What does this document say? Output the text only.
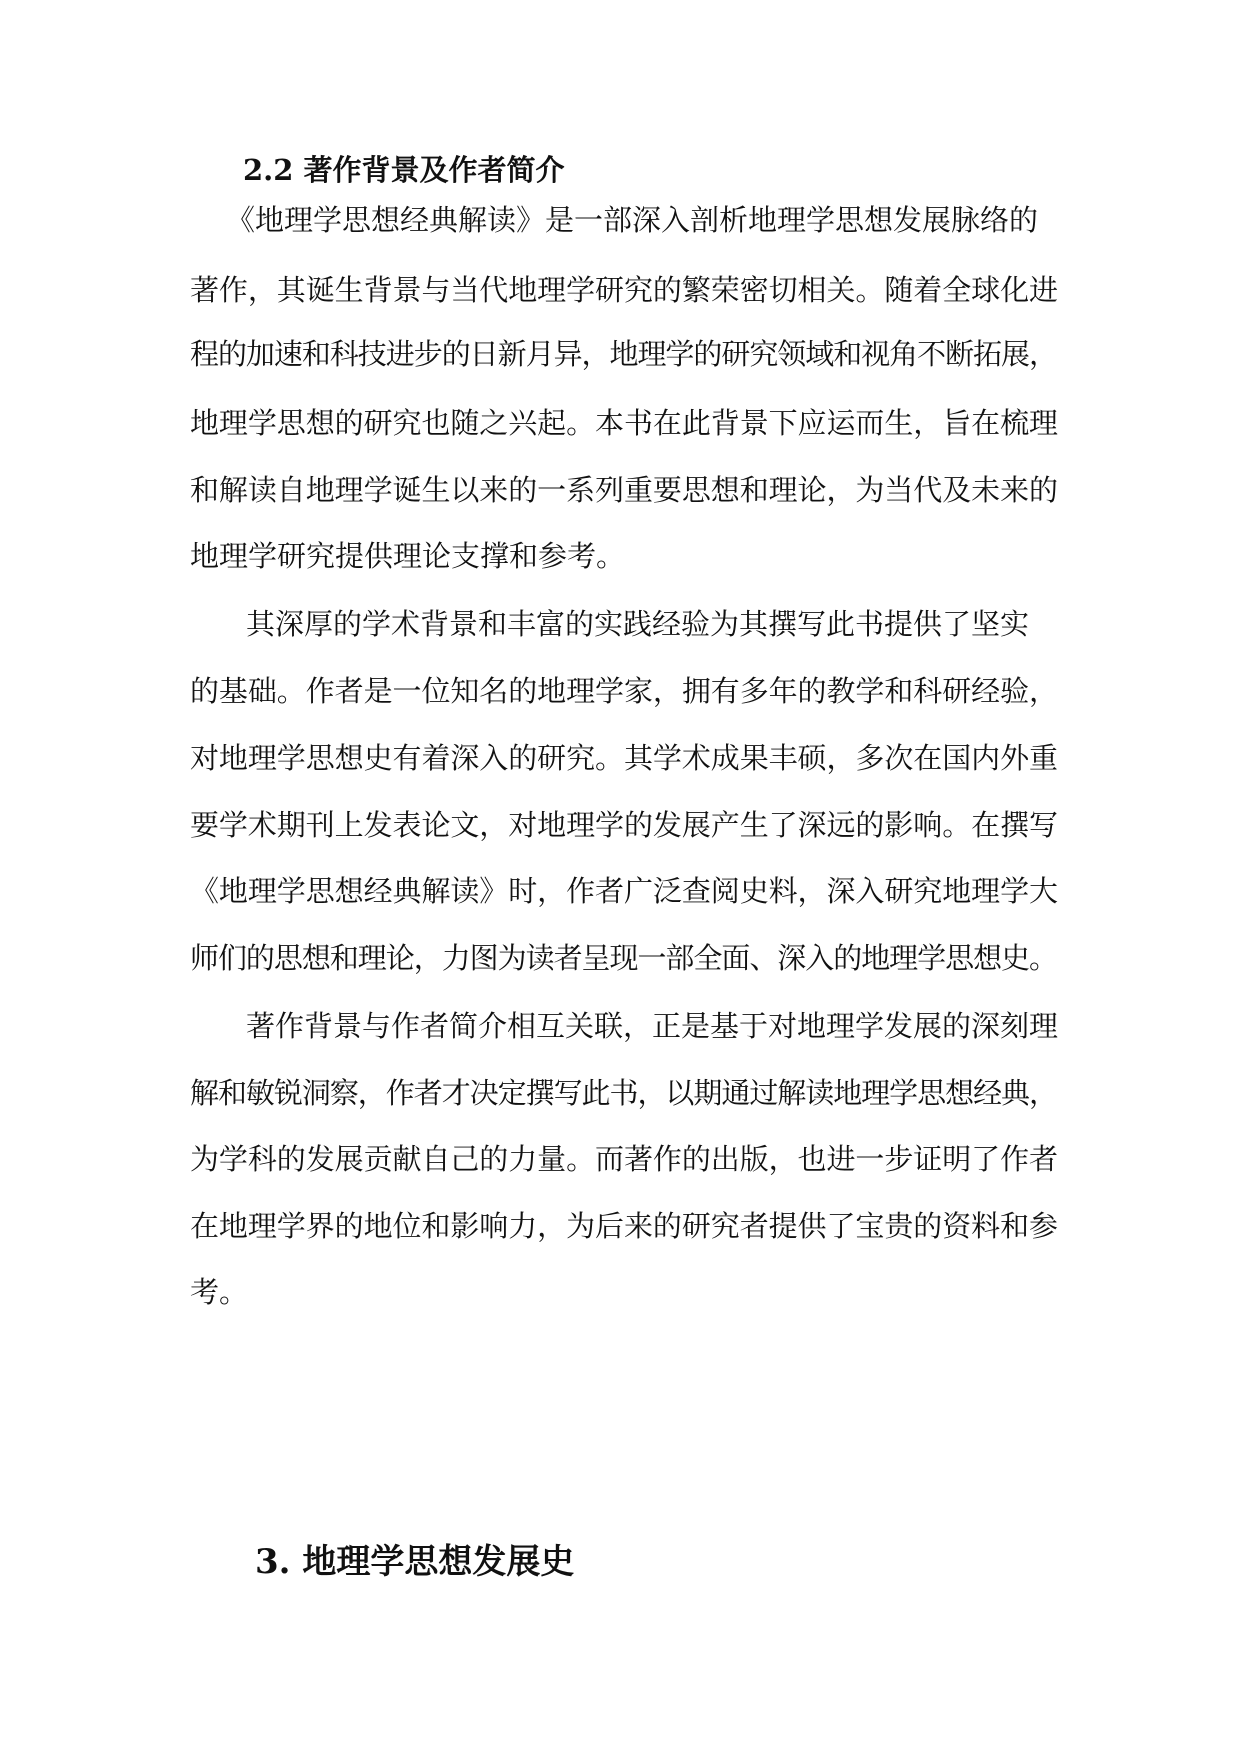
2.2 著作背景及作者简介
《地理学思想经典解读》是一部深入剖析地理学思想发展脉络的
著作，其诞生背景与当代地理学研究的繁荣密切相关。随着全球化进
程的加速和科技进步的日新月异，地理学的研究领域和视角不断拓展，
地理学思想的研究也随之兴起。本书在此背景下应运而生，旨在梳理
和解读自地理学诞生以来的一系列重要思想和理论，为当代及未来的
地理学研究提供理论支撑和参考。
其深厚的学术背景和丰富的实践经验为其撰写此书提供了坚实
的基础。作者是一位知名的地理学家，拥有多年的教学和科研经验，
对地理学思想史有着深入的研究。其学术成果丰硕，多次在国内外重
要学术期刊上发表论文，对地理学的发展产生了深远的影响。在撰写
《地理学思想经典解读》时，作者广泛查阅史料，深入研究地理学大
师们的思想和理论，力图为读者呈现一部全面、深入的地理学思想史。
著作背景与作者简介相互关联，正是基于对地理学发展的深刻理
解和敏锐洞察，作者才决定撰写此书，以期通过解读地理学思想经典，
为学科的发展贡献自己的力量。而著作的出版，也进一步证明了作者
在地理学界的地位和影响力，为后来的研究者提供了宝贵的资料和参
考。
3. 地理学思想发展史
